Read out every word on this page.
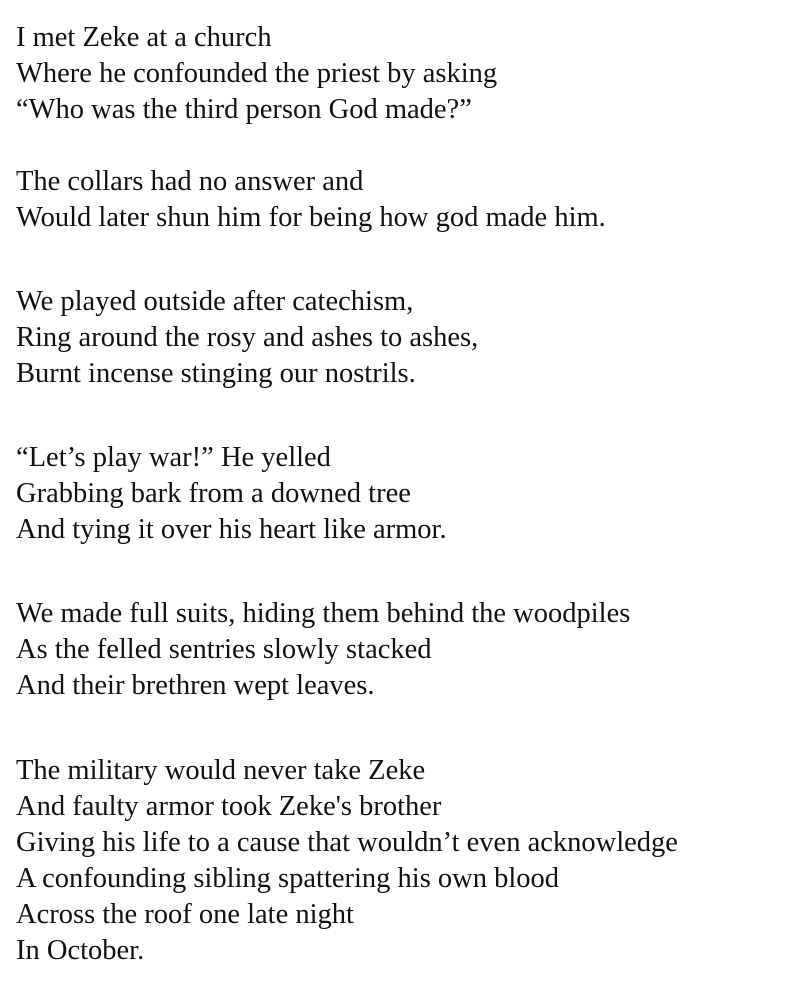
I met Zeke at a church
Where he confounded the priest by asking
“Who was the third person God made?”
The collars had no answer and
Would later shun him for being how god made him.
We played outside after catechism,
Ring around the rosy and ashes to ashes,
Burnt incense stinging our nostrils.
“Let’s play war!” He yelled
Grabbing bark from a downed tree
And tying it over his heart like armor.
We made full suits, hiding them behind the woodpiles
As the felled sentries slowly stacked
And their brethren wept leaves.
The military would never take Zeke
And faulty armor took Zeke's brother
Giving his life to a cause that wouldn’t even acknowledge
A confounding sibling spattering his own blood
Across the roof one late night
In October.
